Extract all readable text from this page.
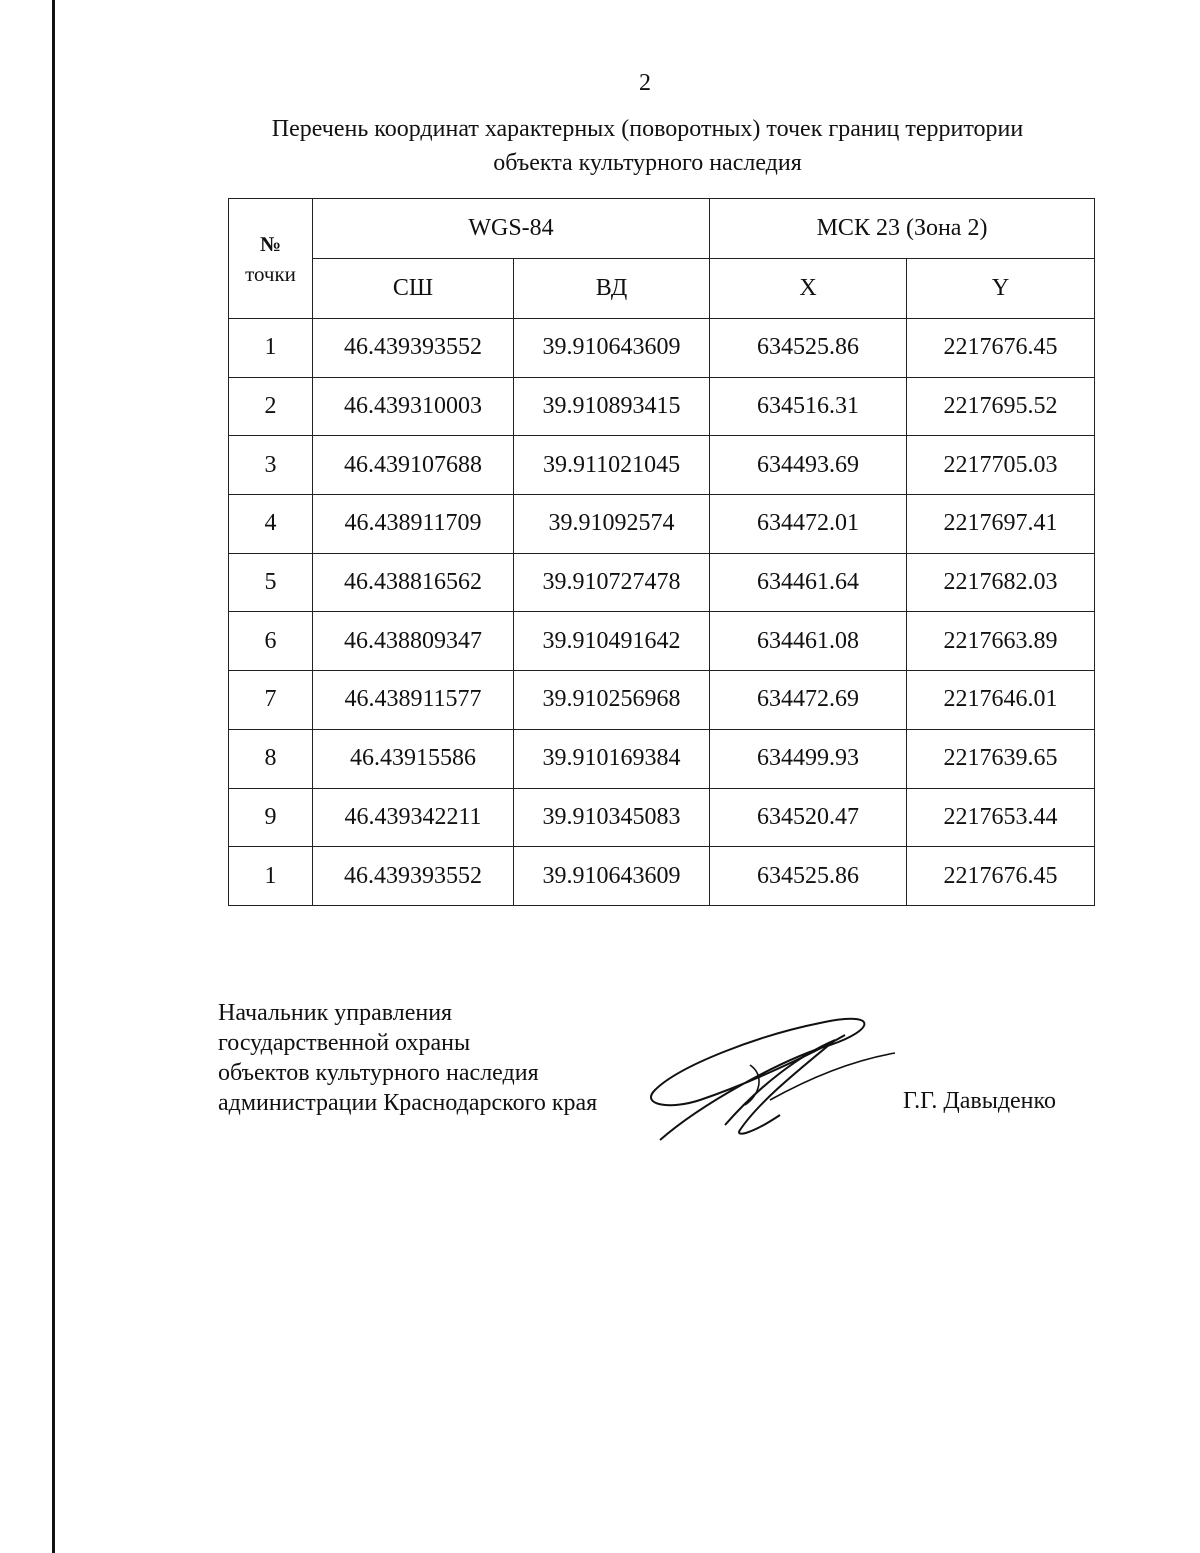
2
Перечень координат характерных (поворотных) точек границ территории
объекта культурного наследия
№
точки	WGS-84		МСК 23 (Зона 2)	
	СШ	ВД	X	Y
1	46.439393552	39.910643609	634525.86	2217676.45
2	46.439310003	39.910893415	634516.31	2217695.52
3	46.439107688	39.911021045	634493.69	2217705.03
4	46.438911709	39.91092574	634472.01	2217697.41
5	46.438816562	39.910727478	634461.64	2217682.03
6	46.438809347	39.910491642	634461.08	2217663.89
7	46.438911577	39.910256968	634472.69	2217646.01
8	46.43915586	39.910169384	634499.93	2217639.65
9	46.439342211	39.910345083	634520.47	2217653.44
1	46.439393552	39.910643609	634525.86	2217676.45
Начальник управления
государственной охраны
объектов культурного наследия
администрации Краснодарского края	Г.Г. Давыденко
